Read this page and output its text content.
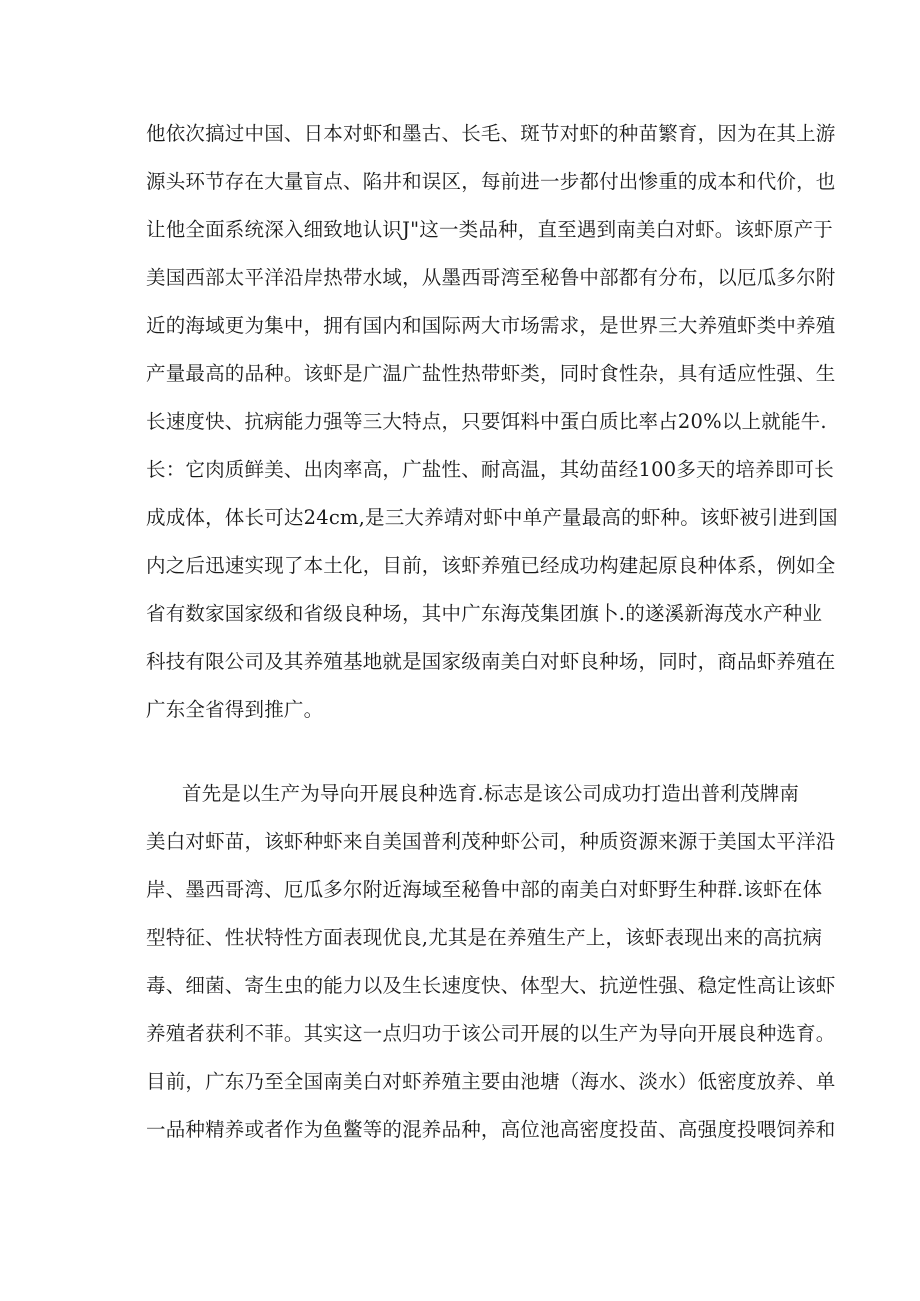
他依次搞过中国、日本对虾和墨古、长毛、斑节对虾的种苗繁育，因为在其上游
源头环节存在大量盲点、陷井和误区，每前进一步都付出惨重的成本和代价，也
让他全面系统深入细致地认识J"这一类品种，直至遇到南美白对虾。该虾原产于
美国西部太平洋沿岸热带水域，从墨西哥湾至秘鲁中部都有分布，以厄瓜多尔附
近的海域更为集中，拥有国内和国际两大市场需求，是世界三大养殖虾类中养殖
产量最高的品种。该虾是广温广盐性热带虾类，同时食性杂，具有适应性强、生
长速度快、抗病能力强等三大特点，只要饵料中蛋白质比率占20%以上就能牛.
长：它肉质鲜美、出肉率高，广盐性、耐高温，其幼苗经100多天的培养即可长
成成体，体长可达24cm,是三大养靖对虾中单产量最高的虾种。该虾被引进到国
内之后迅速实现了本土化，目前，该虾养殖已经成功构建起原良种体系，例如全
省有数家国家级和省级良种场，其中广东海茂集团旗卜.的遂溪新海茂水产种业
科技有限公司及其养殖基地就是国家级南美白对虾良种场，同时，商品虾养殖在
广东全省得到推广。
首先是以生产为导向开展良种选育.标志是该公司成功打造出普利茂牌南
美白对虾苗，该虾种虾来自美国普利茂种虾公司，种质资源来源于美国太平洋沿
岸、墨西哥湾、厄瓜多尔附近海域至秘鲁中部的南美白对虾野生种群.该虾在体
型特征、性状特性方面表现优良,尤其是在养殖生产上，该虾表现出来的高抗病
毒、细菌、寄生虫的能力以及生长速度快、体型大、抗逆性强、稳定性高让该虾
养殖者获利不菲。其实这一点归功于该公司开展的以生产为导向开展良种选育。
目前，广东乃至全国南美白对虾养殖主要由池塘（海水、淡水）低密度放养、单
一品种精养或者作为鱼鳖等的混养品种，高位池高密度投苗、高强度投喂饲养和
